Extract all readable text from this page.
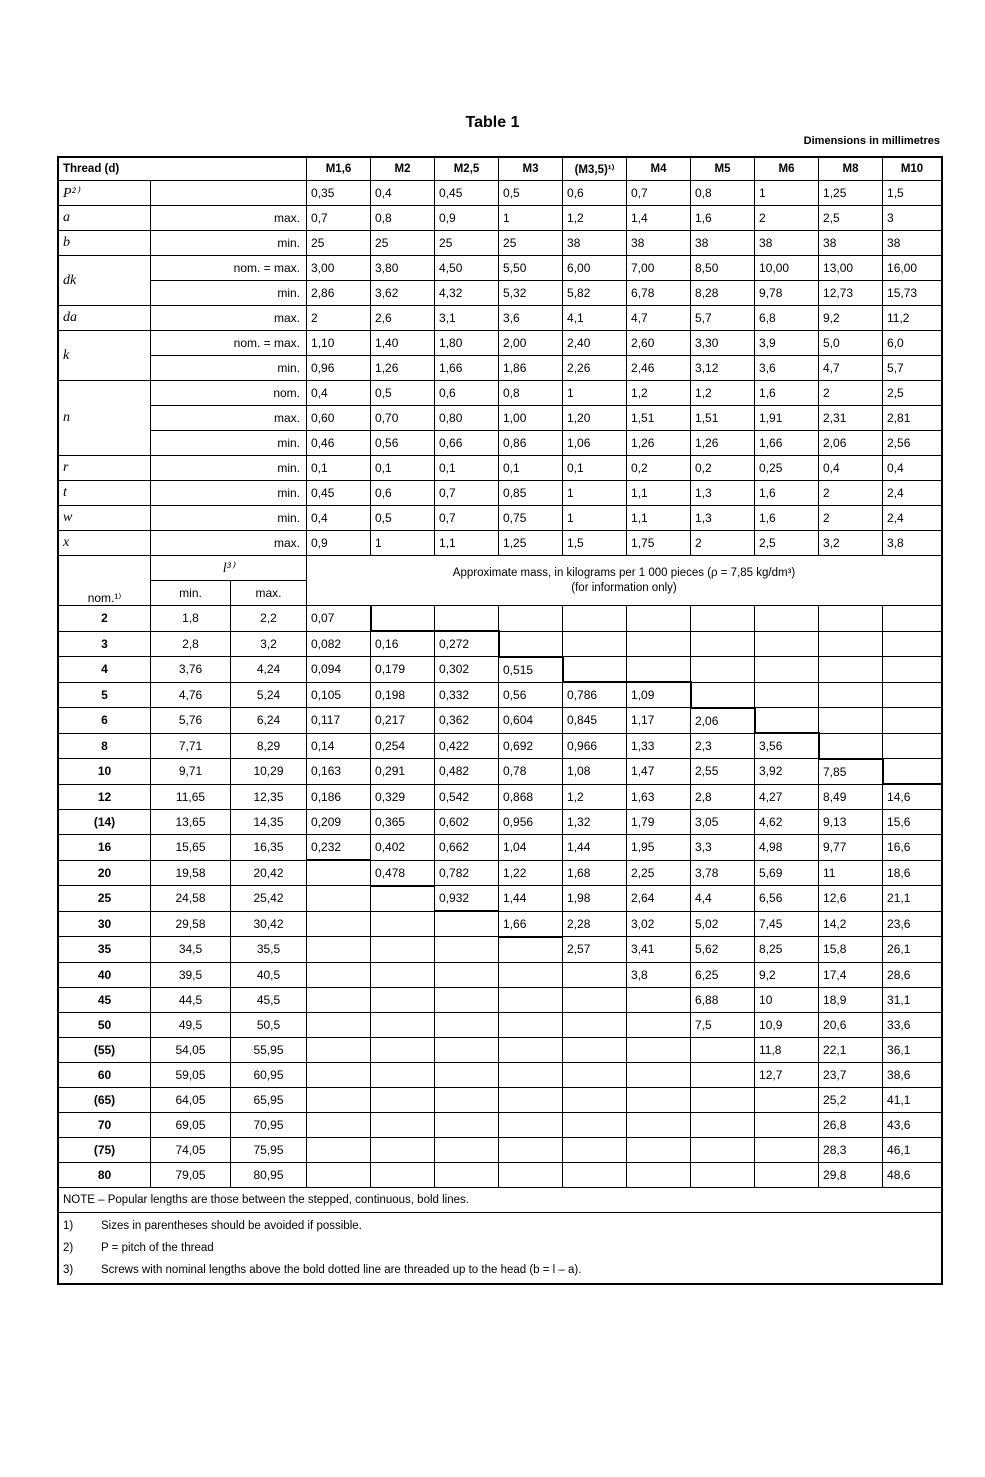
Table 1
Dimensions in millimetres
Thread (d)			M1,6	M2	M2,5	M3	(M3,5)¹⁾	M4	M5	M6	M8	M10
P²⁾			0,35	0,4	0,45	0,5	0,6	0,7	0,8	1	1,25	1,5
a	max.		0,7	0,8	0,9	1	1,2	1,4	1,6	2	2,5	3
b	min.		25	25	25	25	38	38	38	38	38	38
dk	nom. = max.		3,00	3,80	4,50	5,50	6,00	7,00	8,50	10,00	13,00	16,00
	min.		2,86	3,62	4,32	5,32	5,82	6,78	8,28	9,78	12,73	15,73
da	max.		2	2,6	3,1	3,6	4,1	4,7	5,7	6,8	9,2	11,2
k	nom. = max.		1,10	1,40	1,80	2,00	2,40	2,60	3,30	3,9	5,0	6,0
	min.		0,96	1,26	1,66	1,86	2,26	2,46	3,12	3,6	4,7	5,7
n	nom.		0,4	0,5	0,6	0,8	1	1,2	1,2	1,6	2	2,5
	max.		0,60	0,70	0,80	1,00	1,20	1,51	1,51	1,91	2,31	2,81
	min.		0,46	0,56	0,66	0,86	1,06	1,26	1,26	1,66	2,06	2,56
r	min.		0,1	0,1	0,1	0,1	0,1	0,2	0,2	0,25	0,4	0,4
t	min.		0,45	0,6	0,7	0,85	1	1,1	1,3	1,6	2	2,4
w	min.		0,4	0,5	0,7	0,75	1	1,1	1,3	1,6	2	2,4
x	max.		0,9	1	1,1	1,25	1,5	1,75	2	2,5	3,2	3,8
nom.¹⁾	l³⁾		Approximate mass, in kilograms per 1 000 pieces (ρ = 7,85 kg/dm³)
(for information only)									

	min.	max.										
2	1,8	2,2	0,07									
3	2,8	3,2	0,082	0,16	0,272							
4	3,76	4,24	0,094	0,179	0,302	0,515						
5	4,76	5,24	0,105	0,198	0,332	0,56	0,786	1,09				
6	5,76	6,24	0,117	0,217	0,362	0,604	0,845	1,17	2,06			
8	7,71	8,29	0,14	0,254	0,422	0,692	0,966	1,33	2,3	3,56		
10	9,71	10,29	0,163	0,291	0,482	0,78	1,08	1,47	2,55	3,92	7,85	
12	11,65	12,35	0,186	0,329	0,542	0,868	1,2	1,63	2,8	4,27	8,49	14,6
(14)	13,65	14,35	0,209	0,365	0,602	0,956	1,32	1,79	3,05	4,62	9,13	15,6
16	15,65	16,35	0,232	0,402	0,662	1,04	1,44	1,95	3,3	4,98	9,77	16,6
20	19,58	20,42		0,478	0,782	1,22	1,68	2,25	3,78	5,69	11	18,6
25	24,58	25,42			0,932	1,44	1,98	2,64	4,4	6,56	12,6	21,1
30	29,58	30,42				1,66	2,28	3,02	5,02	7,45	14,2	23,6
35	34,5	35,5					2,57	3,41	5,62	8,25	15,8	26,1
40	39,5	40,5						3,8	6,25	9,2	17,4	28,6
45	44,5	45,5							6,88	10	18,9	31,1
50	49,5	50,5							7,5	10,9	20,6	33,6
(55)	54,05	55,95								11,8	22,1	36,1
60	59,05	60,95								12,7	23,7	38,6
(65)	64,05	65,95									25,2	41,1
70	69,05	70,95									26,8	43,6
(75)	74,05	75,95									28,3	46,1
80	79,05	80,95									29,8	48,6
NOTE – Popular lengths are those between the stepped, continuous, bold lines.												

1) Sizes in parentheses should be avoided if possible.
2) P = pitch of the thread
3) Screws with nominal lengths above the bold dotted line are threaded up to the head (b = l – a).												
